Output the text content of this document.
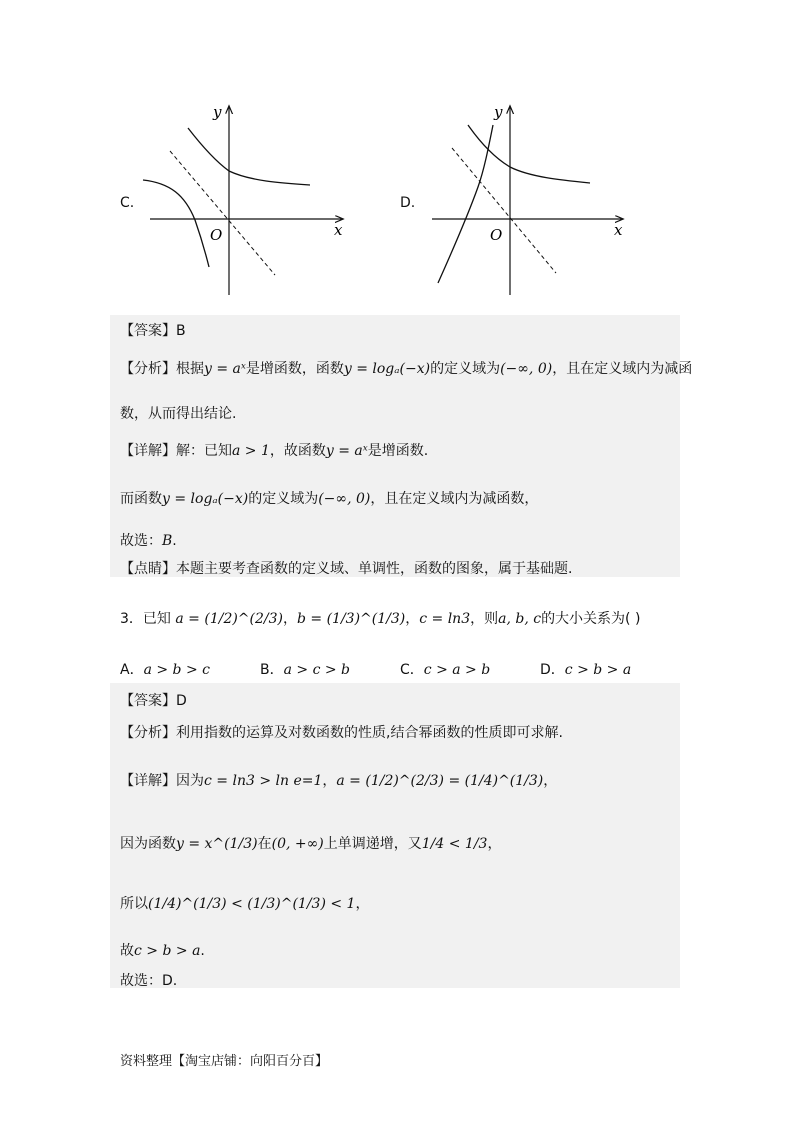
y
x
O
C.
y
x
O
D.
【答案】B
【分析】根据y = aˣ是增函数，函数y = logₐ(−x)的定义域为(−∞, 0)，且在定义域内为减函
数，从而得出结论.
【详解】解：已知a > 1，故函数y = aˣ是增函数.
而函数y = logₐ(−x)的定义域为(−∞, 0)，且在定义域内为减函数，
故选：B.
【点睛】本题主要考查函数的定义域、单调性，函数的图象，属于基础题.
3．已知 a = (1/2)^(2/3)，b = (1/3)^(1/3)，c = ln3，则a, b, c的大小关系为( )
A．a > b > c	B．a > c > b	C．c > a > b	D．c > b > a
【答案】D
【分析】利用指数的运算及对数函数的性质,结合幂函数的性质即可求解.
【详解】因为c = ln3 > ln e=1，a = (1/2)^(2/3) = (1/4)^(1/3)，
因为函数y = x^(1/3)在(0, +∞)上单调递增，又1/4 < 1/3，
所以(1/4)^(1/3) < (1/3)^(1/3) < 1，
故c > b > a.
故选：D.
资料整理【淘宝店铺：向阳百分百】
